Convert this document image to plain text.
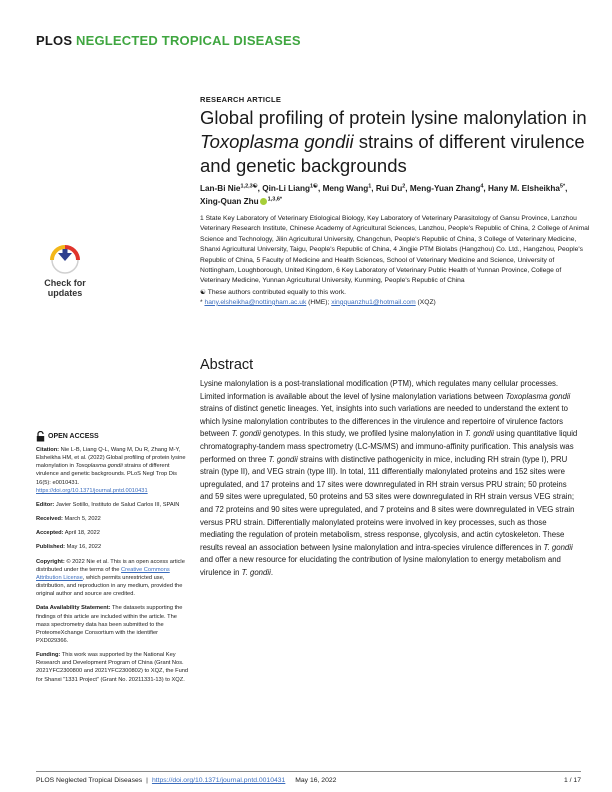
PLOS NEGLECTED TROPICAL DISEASES
RESEARCH ARTICLE
Global profiling of protein lysine malonylation in Toxoplasma gondii strains of different virulence and genetic backgrounds
Lan-Bi Nie$^{1,2,3☯}$, Qin-Li Liang$^{1☯}$, Meng Wang$^1$, Rui Du$^2$, Meng-Yuan Zhang$^4$, Hany M. Elsheikha$^{5*}$, Xing-Quan Zhu $^{1,3,6*}$

1 State Key Laboratory of Veterinary Etiological Biology, Key Laboratory of Veterinary Parasitology of Gansu Province, Lanzhou Veterinary Research Institute, Chinese Academy of Agricultural Sciences, Lanzhou, People's Republic of China, 2 College of Animal Science and Technology, Jilin Agricultural University, Changchun, People's Republic of China, 3 College of Veterinary Medicine, Shanxi Agricultural University, Taigu, People's Republic of China, 4 Jingjie PTM Biolabs (Hangzhou) Co. Ltd., Hangzhou, People's Republic of China, 5 Faculty of Medicine and Health Sciences, School of Veterinary Medicine and Science, University of Nottingham, Loughborough, United Kingdom, 6 Key Laboratory of Veterinary Public Health of Yunnan Province, College of Veterinary Medicine, Yunnan Agricultural University, Kunming, People's Republic of China

☯ These authors contributed equally to this work.

* hany.elsheikha@nottingham.ac.uk (HME); xingquanzhu1@hotmail.com (XQZ)

Check for
updates
OPEN ACCESS

Citation: Nie L-B, Liang Q-L, Wang M, Du R, Zhang M-Y, Elsheikha HM, et al. (2022) Global profiling of protein lysine malonylation in Toxoplasma gondii strains of different virulence and genetic backgrounds. PLoS Negl Trop Dis 16(5): e0010431. https://doi.org/10.1371/journal.pntd.0010431

Editor: Javier Sotillo, Instituto de Salud Carlos III, SPAIN

Received: March 5, 2022

Accepted: April 18, 2022

Published: May 16, 2022

Copyright: © 2022 Nie et al. This is an open access article distributed under the terms of the Creative Commons Attribution License, which permits unrestricted use, distribution, and reproduction in any medium, provided the original author and source are credited.

Data Availability Statement: The datasets supporting the findings of this article are included within the article. The mass spectrometry data has been submitted to the ProteomeXchange Consortium with the identifier PXD029366.

Funding: This work was supported by the National Key Research and Development Program of China (Grant Nos. 2021YFC2300800 and 2021YFC2300802) to XQZ, the Fund for Shanxi “1331 Project” (Grant No. 20211331-13) to XQZ.

Abstract
Lysine malonylation is a post-translational modification (PTM), which regulates many cellular processes. Limited information is available about the level of lysine malonylation variations between Toxoplasma gondii strains of distinct genetic lineages. Yet, insights into such variations are needed to understand the extent to which lysine malonylation contributes to the differences in the virulence and repertoire of virulence factors between T. gondii genotypes. In this study, we profiled lysine malonylation in T. gondii using quantitative liquid chromatography-tandem mass spectrometry (LC-MS/MS) and immuno-affinity purification. This analysis was performed on three T. gondii strains with distinctive pathogenicity in mice, including RH strain (type I), PRU strain (type II), and VEG strain (type III). In total, 111 differentially malonylated proteins and 152 sites were upregulated, and 17 proteins and 17 sites were downregulated in RH strain versus PRU strain; 50 proteins and 59 sites were upregulated, 50 proteins and 53 sites were downregulated in RH strain versus VEG strain; and 72 proteins and 90 sites were upregulated, and 7 proteins and 8 sites were downregulated in VEG strain versus PRU strain. Differentially malonylated proteins were involved in key processes, such as those mediating the regulation of protein metabolism, stress response, glycolysis, and actin cytoskeleton. These results reveal an association between lysine malonylation and intra-species virulence differences in T. gondii and offer a new resource for elucidating the contribution of lysine malonylation to energy metabolism and virulence in T. gondii.
PLOS Neglected Tropical Diseases | https://doi.org/10.1371/journal.pntd.0010431 May 16, 2022	1 / 17
